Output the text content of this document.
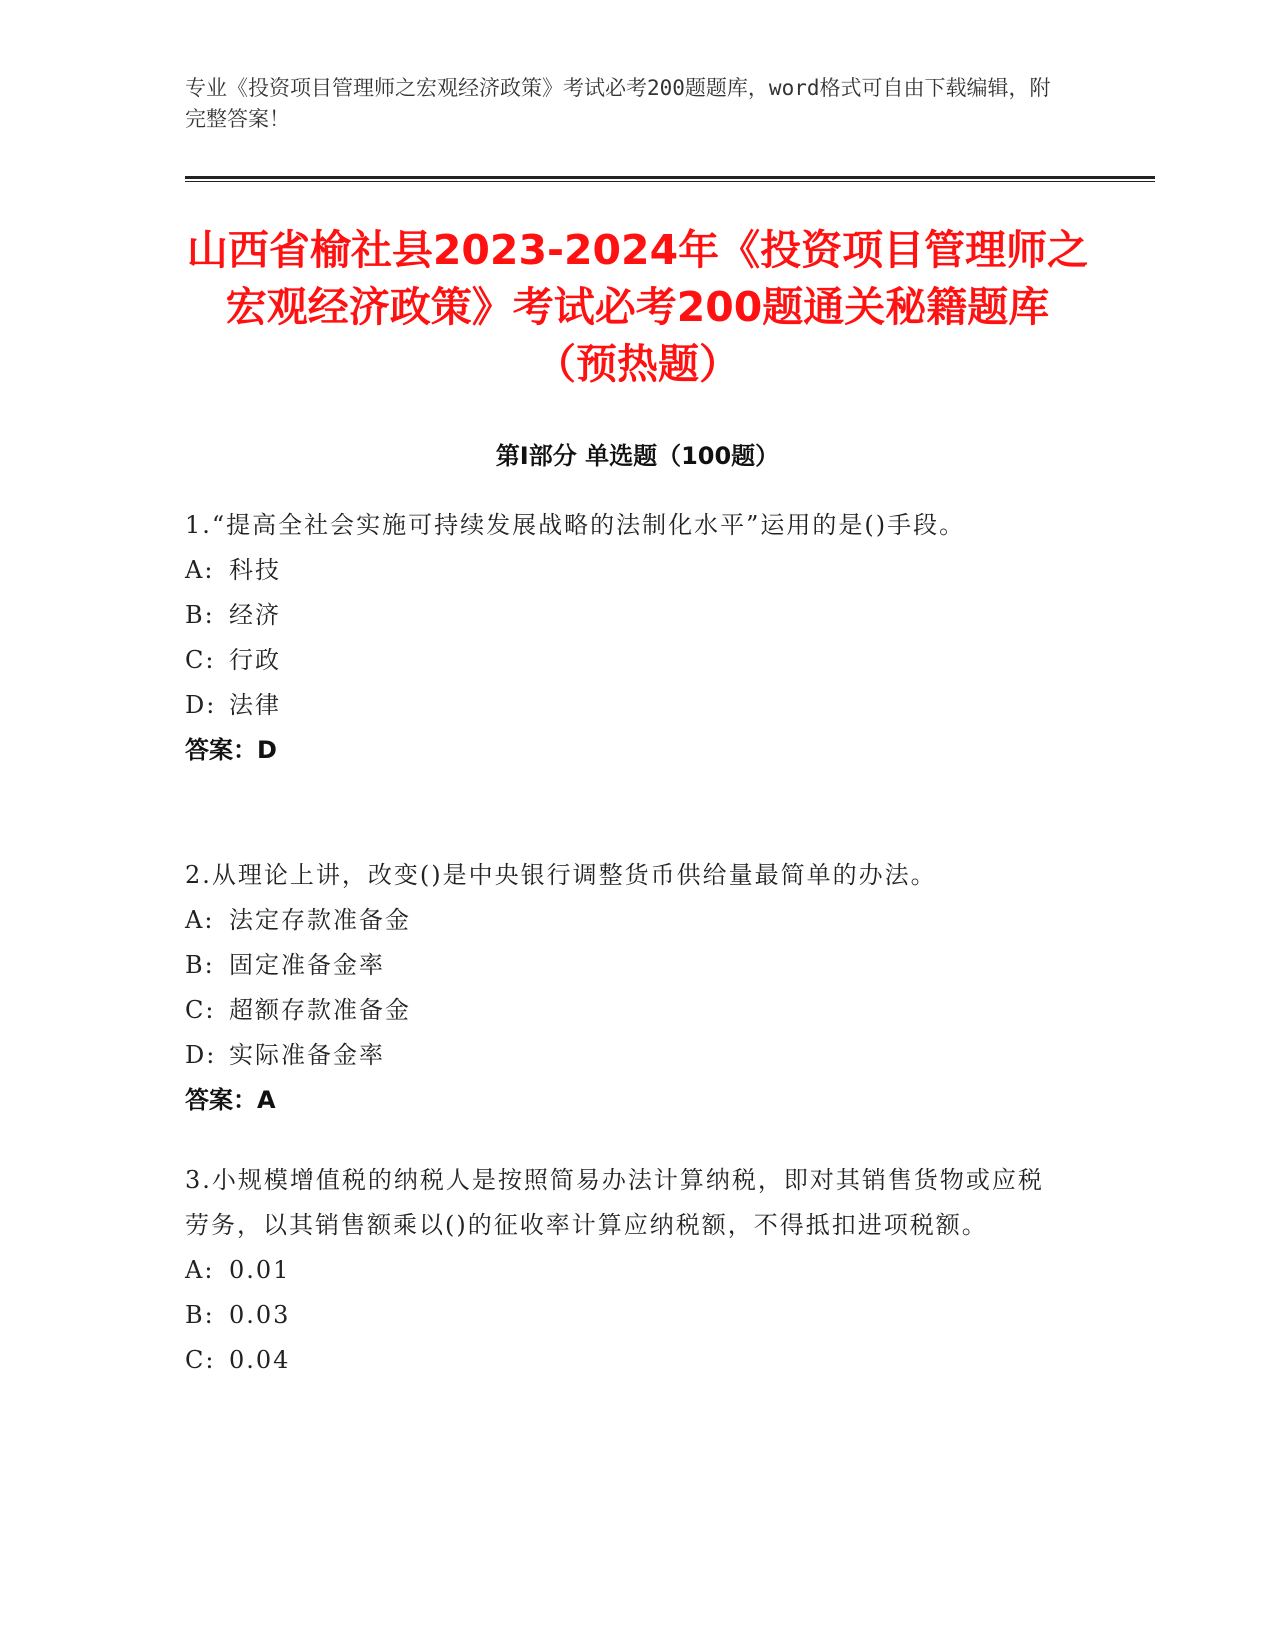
专业《投资项目管理师之宏观经济政策》考试必考200题题库，word格式可自由下载编辑，附完整答案！
山西省榆社县2023-2024年《投资项目管理师之宏观经济政策》考试必考200题通关秘籍题库（预热题）
第I部分 单选题（100题）
1.“提高全社会实施可持续发展战略的法制化水平”运用的是()手段。
A: 科技
B: 经济
C: 行政
D: 法律
答案：D
2.从理论上讲，改变()是中央银行调整货币供给量最简单的办法。
A: 法定存款准备金
B: 固定准备金率
C: 超额存款准备金
D: 实际准备金率
答案：A
3.小规模增值税的纳税人是按照简易办法计算纳税，即对其销售货物或应税劳务，以其销售额乘以()的征收率计算应纳税额，不得抵扣进项税额。
A: 0.01
B: 0.03
C: 0.04
